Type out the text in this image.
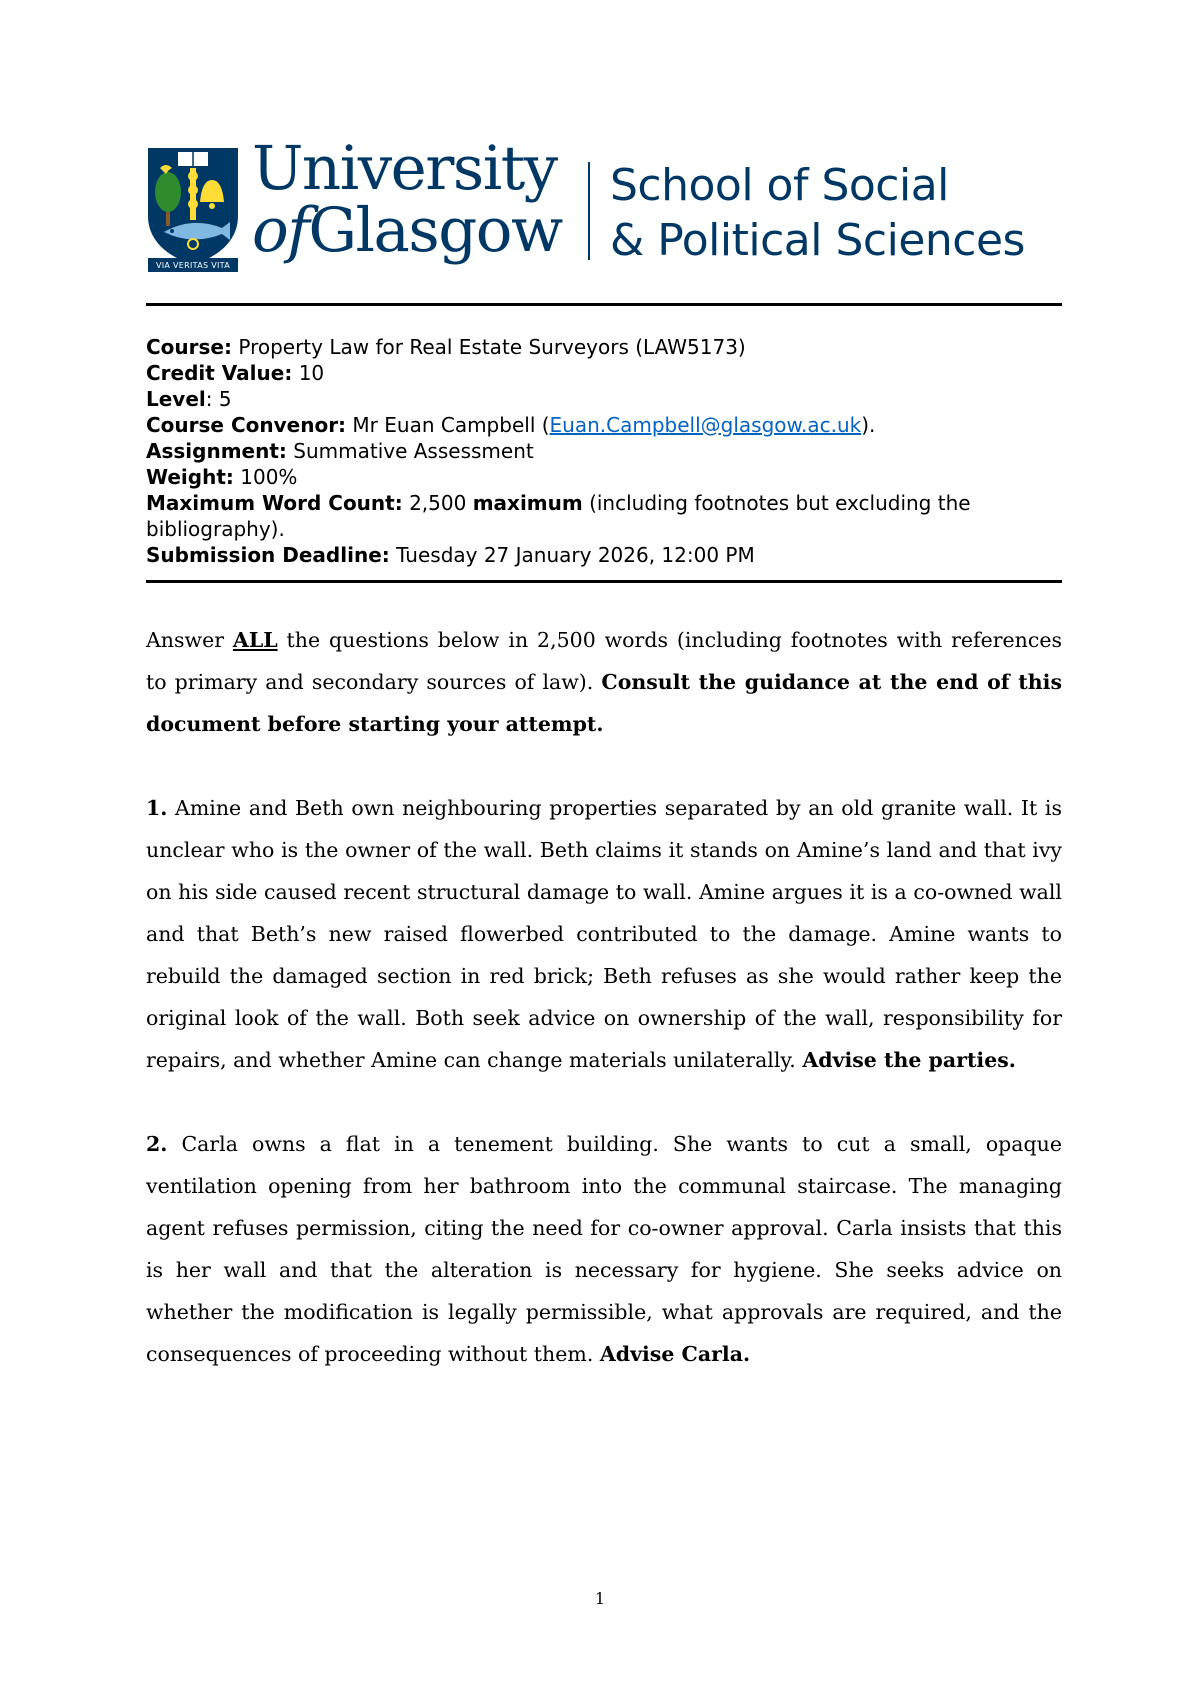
VIA VERITAS VITA
University
ofGlasgow
School of Social
& Political Sciences
Course: Property Law for Real Estate Surveyors (LAW5173)
Credit Value: 10
Level: 5
Course Convenor: Mr Euan Campbell (Euan.Campbell@glasgow.ac.uk).
Assignment: Summative Assessment
Weight: 100%
Maximum Word Count: 2,500 maximum (including footnotes but excluding the bibliography).
Submission Deadline: Tuesday 27 January 2026, 12:00 PM

Answer ALL the questions below in 2,500 words (including footnotes with references to primary and secondary sources of law). Consult the guidance at the end of this document before starting your attempt.

1. Amine and Beth own neighbouring properties separated by an old granite wall. It is unclear who is the owner of the wall. Beth claims it stands on Amine’s land and that ivy on his side caused recent structural damage to wall. Amine argues it is a co-owned wall and that Beth’s new raised flowerbed contributed to the damage. Amine wants to rebuild the damaged section in red brick; Beth refuses as she would rather keep the original look of the wall. Both seek advice on ownership of the wall, responsibility for repairs, and whether Amine can change materials unilaterally. Advise the parties.

2. Carla owns a flat in a tenement building. She wants to cut a small, opaque ventilation opening from her bathroom into the communal staircase. The managing agent refuses permission, citing the need for co-owner approval. Carla insists that this is her wall and that the alteration is necessary for hygiene. She seeks advice on whether the modification is legally permissible, what approvals are required, and the consequences of proceeding without them. Advise Carla.

1
